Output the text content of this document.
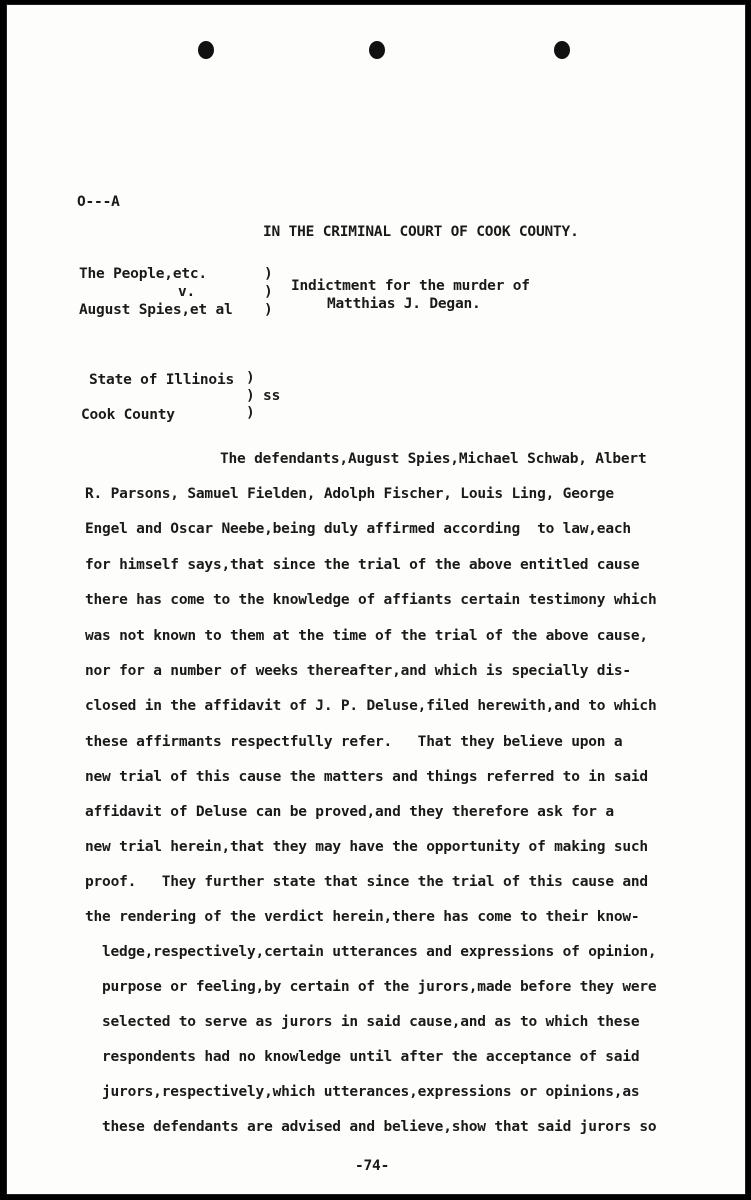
O---A
IN THE CRIMINAL COURT OF COOK COUNTY.
The People,etc.
v.
August Spies,et al
)
)
)
Indictment for the murder of
Matthias J. Degan.
State of Illinois )
) ss
Cook County	)
The defendants,August Spies,Michael Schwab, Albert
R. Parsons, Samuel Fielden, Adolph Fischer, Louis Ling, George
Engel and Oscar Neebe,being duly affirmed according  to law,each
for himself says,that since the trial of the above entitled cause
there has come to the knowledge of affiants certain testimony which
was not known to them at the time of the trial of the above cause,
nor for a number of weeks thereafter,and which is specially dis-
closed in the affidavit of J. P. Deluse,filed herewith,and to which
these affirmants respectfully refer.   That they believe upon a
new trial of this cause the matters and things referred to in said
affidavit of Deluse can be proved,and they therefore ask for a
new trial herein,that they may have the opportunity of making such
proof.   They further state that since the trial of this cause and
the rendering of the verdict herein,there has come to their know-
ledge,respectively,certain utterances and expressions of opinion,
purpose or feeling,by certain of the jurors,made before they were
selected to serve as jurors in said cause,and as to which these
respondents had no knowledge until after the acceptance of said
jurors,respectively,which utterances,expressions or opinions,as
these defendants are advised and believe,show that said jurors so
-74-
